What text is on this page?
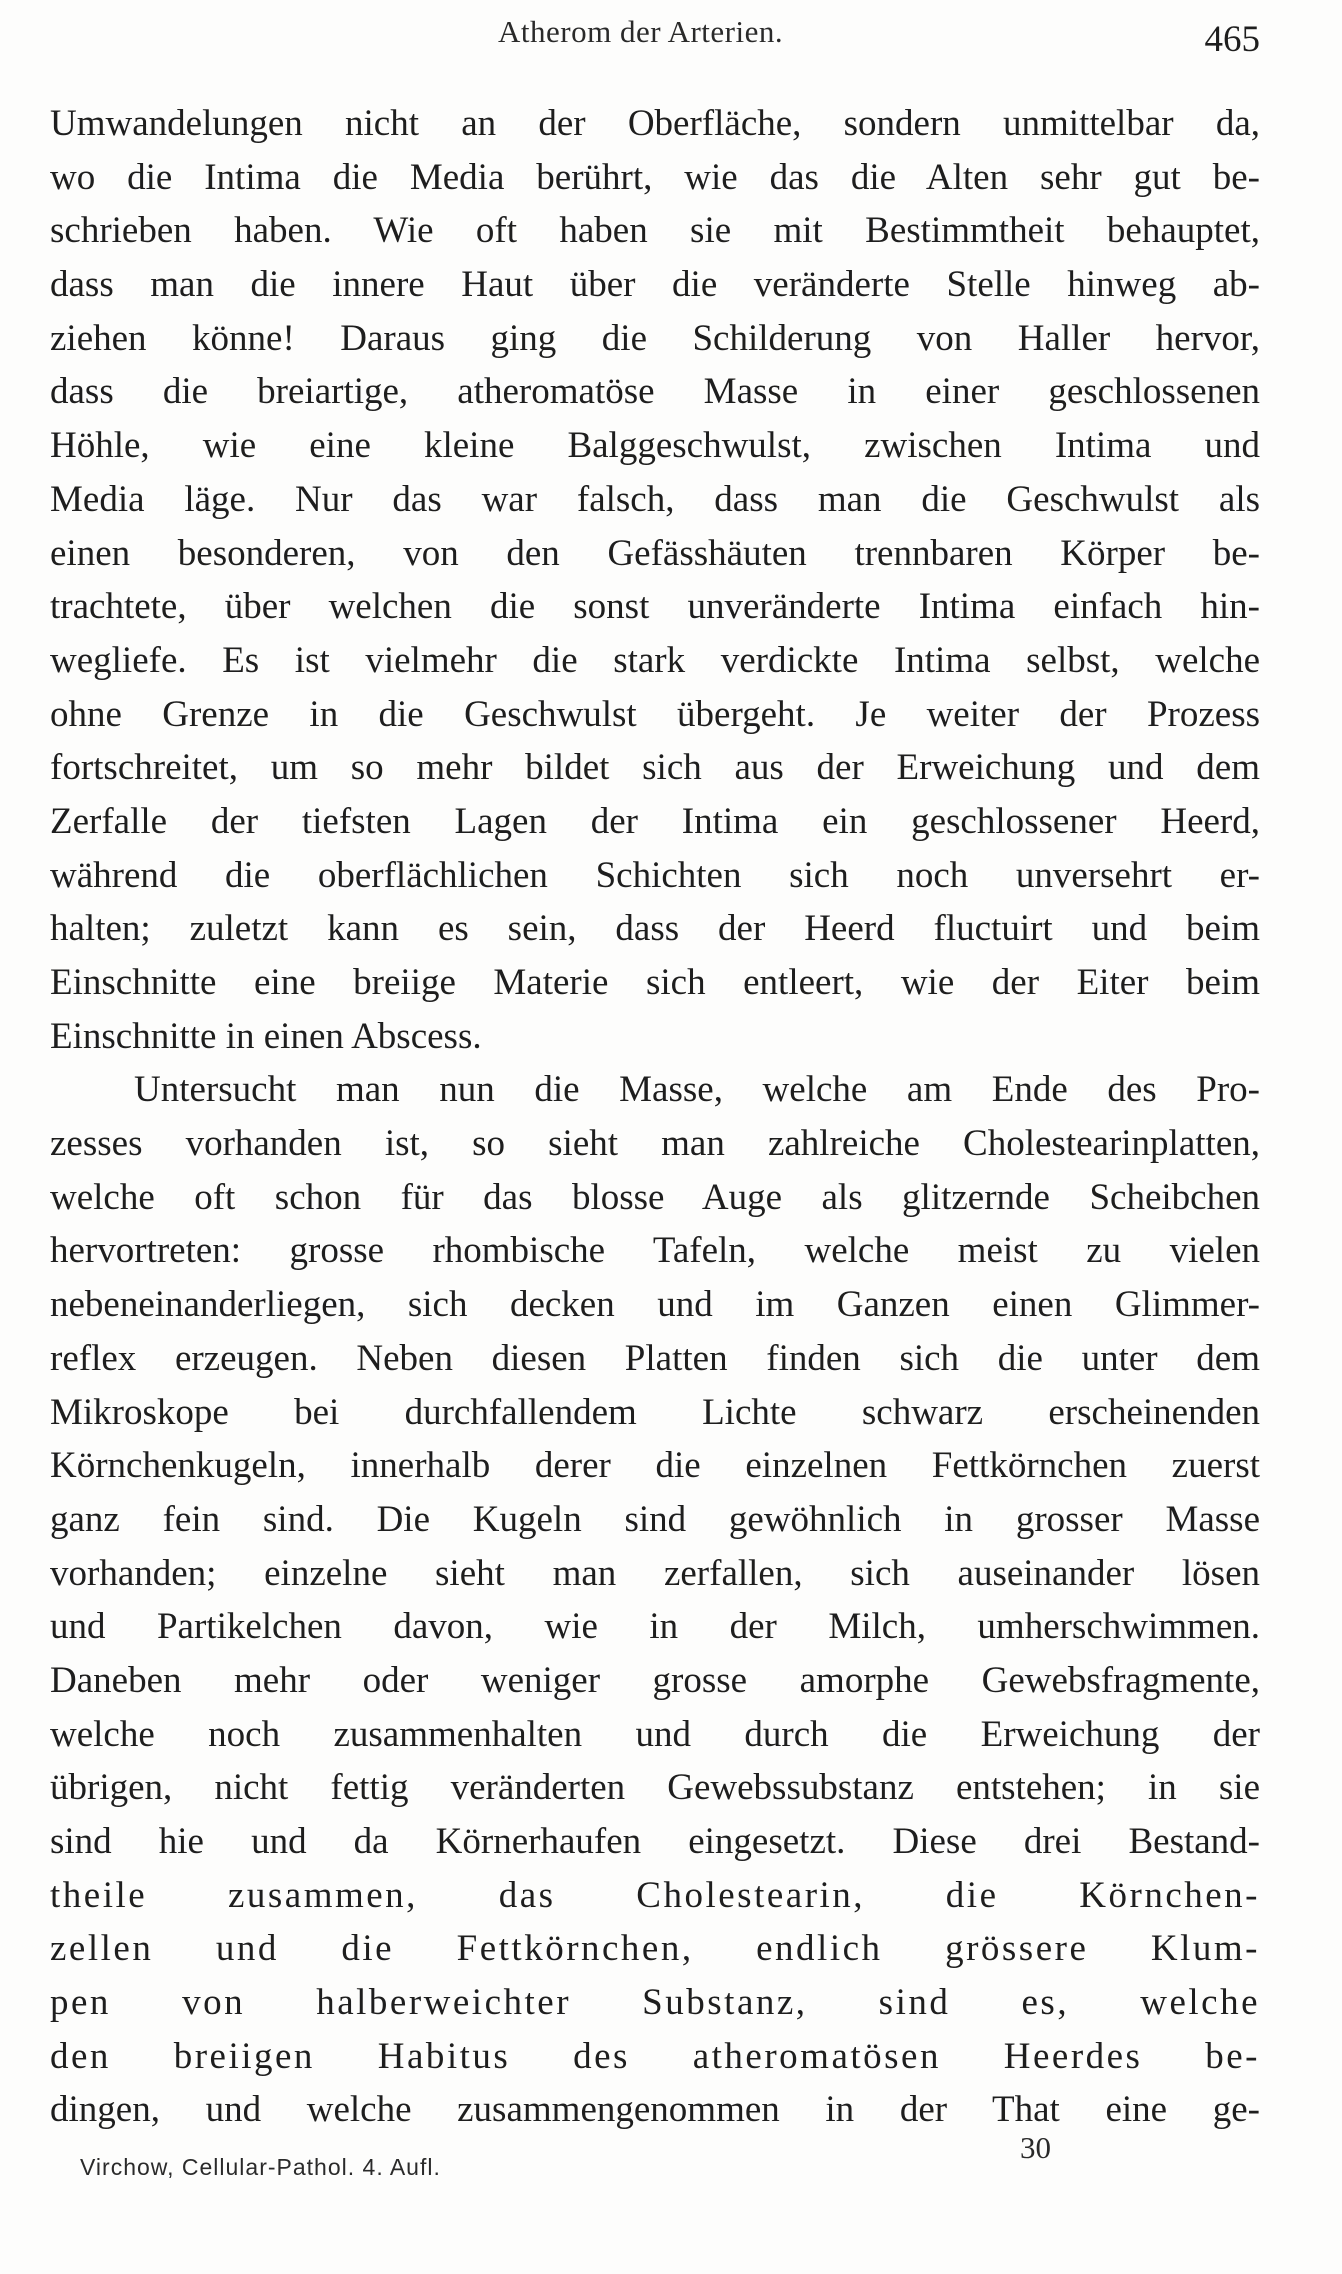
Atherom der Arterien.	465
Umwandelungen nicht an der Oberfläche, sondern unmittelbar da,
wo die Intima die Media berührt, wie das die Alten sehr gut be-
schrieben haben. Wie oft haben sie mit Bestimmtheit behauptet,
dass man die innere Haut über die veränderte Stelle hinweg ab-
ziehen könne! Daraus ging die Schilderung von Haller hervor,
dass die breiartige, atheromatöse Masse in einer geschlossenen
Höhle, wie eine kleine Balggeschwulst, zwischen Intima und
Media läge. Nur das war falsch, dass man die Geschwulst als
einen besonderen, von den Gefässhäuten trennbaren Körper be-
trachtete, über welchen die sonst unveränderte Intima einfach hin-
wegliefe. Es ist vielmehr die stark verdickte Intima selbst, welche
ohne Grenze in die Geschwulst übergeht. Je weiter der Prozess
fortschreitet, um so mehr bildet sich aus der Erweichung und dem
Zerfalle der tiefsten Lagen der Intima ein geschlossener Heerd,
während die oberflächlichen Schichten sich noch unversehrt er-
halten; zuletzt kann es sein, dass der Heerd fluctuirt und beim
Einschnitte eine breiige Materie sich entleert, wie der Eiter beim
Einschnitte in einen Abscess.
Untersucht man nun die Masse, welche am Ende des Pro-
zesses vorhanden ist, so sieht man zahlreiche Cholestearinplatten,
welche oft schon für das blosse Auge als glitzernde Scheibchen
hervortreten: grosse rhombische Tafeln, welche meist zu vielen
nebeneinanderliegen, sich decken und im Ganzen einen Glimmer-
reflex erzeugen. Neben diesen Platten finden sich die unter dem
Mikroskope bei durchfallendem Lichte schwarz erscheinenden
Körnchenkugeln, innerhalb derer die einzelnen Fettkörnchen zuerst
ganz fein sind. Die Kugeln sind gewöhnlich in grosser Masse
vorhanden; einzelne sieht man zerfallen, sich auseinander lösen
und Partikelchen davon, wie in der Milch, umherschwimmen.
Daneben mehr oder weniger grosse amorphe Gewebsfragmente,
welche noch zusammenhalten und durch die Erweichung der
übrigen, nicht fettig veränderten Gewebssubstanz entstehen; in sie
sind hie und da Körnerhaufen eingesetzt. Diese drei Bestand-
theile zusammen, das Cholestearin, die Körnchen-
zellen und die Fettkörnchen, endlich grössere Klum-
pen von halberweichter Substanz, sind es, welche
den breiigen Habitus des atheromatösen Heerdes be-
dingen, und welche zusammengenommen in der That eine ge-
30
Virchow, Cellular-Pathol. 4. Aufl.
